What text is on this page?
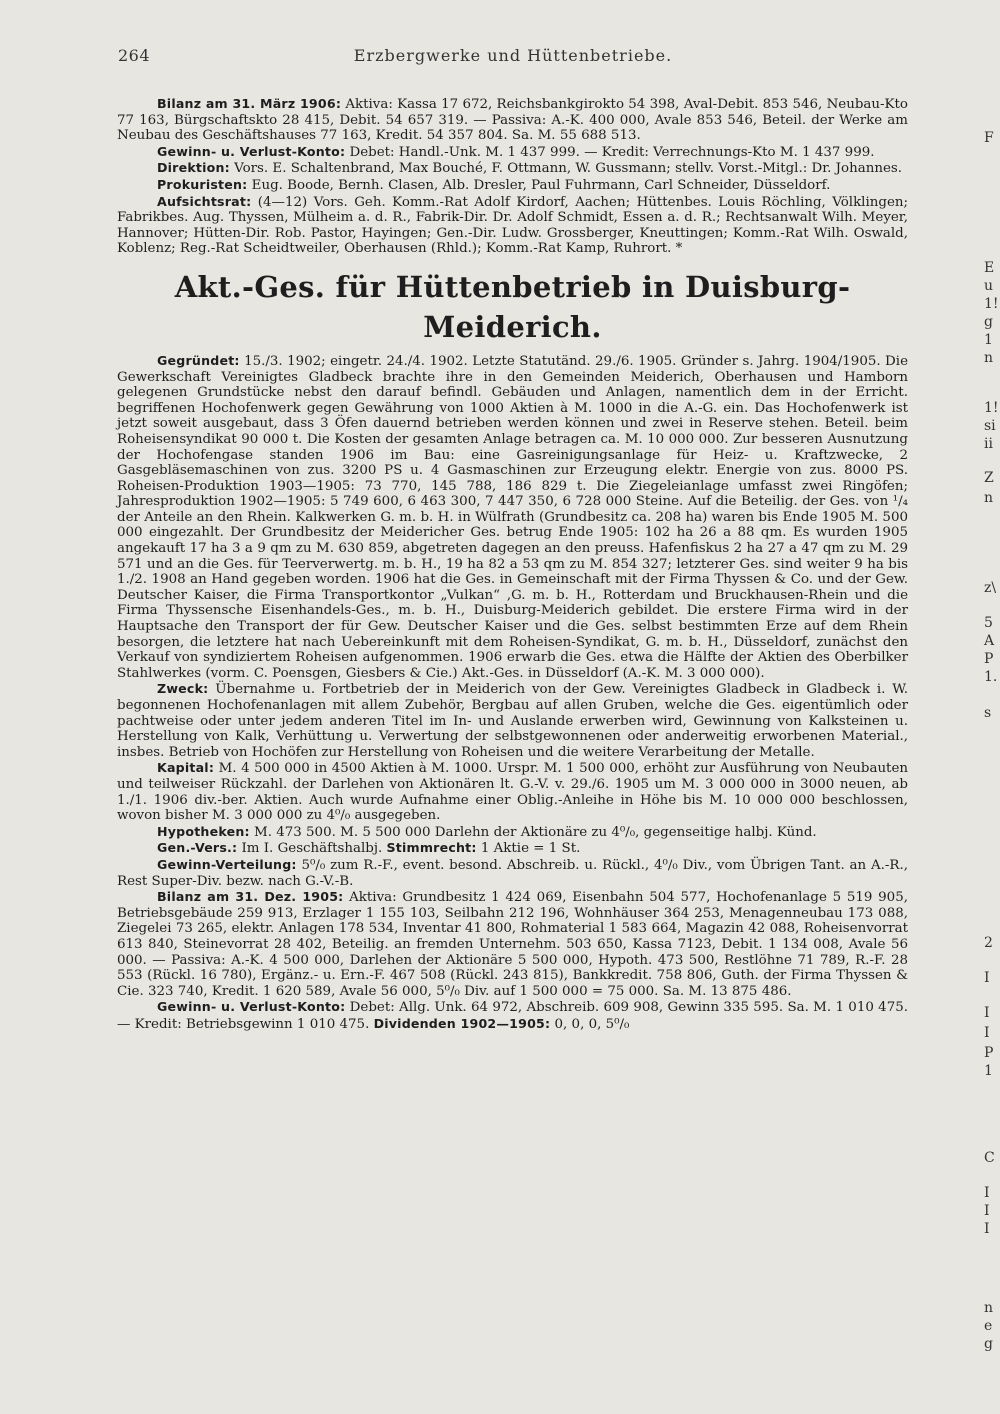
264	Erzbergwerke und Hüttenbetriebe.

Bilanz am 31. März 1906: Aktiva: Kassa 17 672, Reichsbankgirokto 54 398, Aval-Debit. 853 546, Neubau-Kto 77 163, Bürgschaftskto 28 415, Debit. 54 657 319. — Passiva: A.-K. 400 000, Avale 853 546, Beteil. der Werke am Neubau des Geschäftshauses 77 163, Kredit. 54 357 804. Sa. M. 55 688 513.

Gewinn- u. Verlust-Konto: Debet: Handl.-Unk. M. 1 437 999. — Kredit: Verrechnungs-Kto M. 1 437 999.

Direktion: Vors. E. Schaltenbrand, Max Bouché, F. Ottmann, W. Gussmann; stellv. Vorst.-Mitgl.: Dr. Johannes.

Prokuristen: Eug. Boode, Bernh. Clasen, Alb. Dresler, Paul Fuhrmann, Carl Schneider, Düsseldorf.

Aufsichtsrat: (4—12) Vors. Geh. Komm.-Rat Adolf Kirdorf, Aachen; Hüttenbes. Louis Röchling, Völklingen; Fabrikbes. Aug. Thyssen, Mülheim a. d. R., Fabrik-Dir. Dr. Adolf Schmidt, Essen a. d. R.; Rechtsanwalt Wilh. Meyer, Hannover; Hütten-Dir. Rob. Pastor, Hayingen; Gen.-Dir. Ludw. Grossberger, Kneuttingen; Komm.-Rat Wilh. Oswald, Koblenz; Reg.-Rat Scheidtweiler, Oberhausen (Rhld.); Komm.-Rat Kamp, Ruhrort. *

Akt.-Ges. für Hüttenbetrieb in Duisburg-Meiderich.

Gegründet: 15./3. 1902; eingetr. 24./4. 1902. Letzte Statutänd. 29./6. 1905. Gründer s. Jahrg. 1904/1905. Die Gewerkschaft Vereinigtes Gladbeck brachte ihre in den Gemeinden Meiderich, Oberhausen und Hamborn gelegenen Grundstücke nebst den darauf befindl. Gebäuden und Anlagen, namentlich dem in der Erricht. begriffenen Hochofenwerk gegen Gewährung von 1000 Aktien à M. 1000 in die A.-G. ein. Das Hochofenwerk ist jetzt soweit ausgebaut, dass 3 Öfen dauernd betrieben werden können und zwei in Reserve stehen. Beteil. beim Roheisensyndikat 90 000 t. Die Kosten der gesamten Anlage betragen ca. M. 10 000 000. Zur besseren Ausnutzung der Hochofengase standen 1906 im Bau: eine Gasreinigungsanlage für Heiz- u. Kraftzwecke, 2 Gasgebläsemaschinen von zus. 3200 PS u. 4 Gasmaschinen zur Erzeugung elektr. Energie von zus. 8000 PS. Roheisen-Produktion 1903—1905: 73 770, 145 788, 186 829 t. Die Ziegeleianlage umfasst zwei Ringöfen; Jahresproduktion 1902—1905: 5 749 600, 6 463 300, 7 447 350, 6 728 000 Steine. Auf die Beteilig. der Ges. von ¹/₄ der Anteile an den Rhein. Kalkwerken G. m. b. H. in Wülfrath (Grundbesitz ca. 208 ha) waren bis Ende 1905 M. 500 000 eingezahlt. Der Grundbesitz der Meidericher Ges. betrug Ende 1905: 102 ha 26 a 88 qm. Es wurden 1905 angekauft 17 ha 3 a 9 qm zu M. 630 859, abgetreten dagegen an den preuss. Hafenfiskus 2 ha 27 a 47 qm zu M. 29 571 und an die Ges. für Teerverwertg. m. b. H., 19 ha 82 a 53 qm zu M. 854 327; letzterer Ges. sind weiter 9 ha bis 1./2. 1908 an Hand gegeben worden. 1906 hat die Ges. in Gemeinschaft mit der Firma Thyssen & Co. und der Gew. Deutscher Kaiser, die Firma Transportkontor „Vulkan“ ,G. m. b. H., Rotterdam und Bruckhausen-Rhein und die Firma Thyssensche Eisenhandels-Ges., m. b. H., Duisburg-Meiderich gebildet. Die erstere Firma wird in der Hauptsache den Transport der für Gew. Deutscher Kaiser und die Ges. selbst bestimmten Erze auf dem Rhein besorgen, die letztere hat nach Uebereinkunft mit dem Roheisen-Syndikat, G. m. b. H., Düsseldorf, zunächst den Verkauf von syndiziertem Roheisen aufgenommen. 1906 erwarb die Ges. etwa die Hälfte der Aktien des Oberbilker Stahlwerkes (vorm. C. Poensgen, Giesbers & Cie.) Akt.-Ges. in Düsseldorf (A.-K. M. 3 000 000).

Zweck: Übernahme u. Fortbetrieb der in Meiderich von der Gew. Vereinigtes Gladbeck in Gladbeck i. W. begonnenen Hochofenanlagen mit allem Zubehör, Bergbau auf allen Gruben, welche die Ges. eigentümlich oder pachtweise oder unter jedem anderen Titel im In- und Auslande erwerben wird, Gewinnung von Kalksteinen u. Herstellung von Kalk, Verhüttung u. Verwertung der selbstgewonnenen oder anderweitig erworbenen Material., insbes. Betrieb von Hochöfen zur Herstellung von Roheisen und die weitere Verarbeitung der Metalle.

Kapital: M. 4 500 000 in 4500 Aktien à M. 1000. Urspr. M. 1 500 000, erhöht zur Ausführung von Neubauten und teilweiser Rückzahl. der Darlehen von Aktionären lt. G.-V. v. 29./6. 1905 um M. 3 000 000 in 3000 neuen, ab 1./1. 1906 div.-ber. Aktien. Auch wurde Aufnahme einer Oblig.-Anleihe in Höhe bis M. 10 000 000 beschlossen, wovon bisher M. 3 000 000 zu 4⁰/₀ ausgegeben.

Hypotheken: M. 473 500. M. 5 500 000 Darlehn der Aktionäre zu 4⁰/₀, gegenseitige halbj. Künd.

Gen.-Vers.: Im I. Geschäftshalbj. Stimmrecht: 1 Aktie = 1 St.

Gewinn-Verteilung: 5⁰/₀ zum R.-F., event. besond. Abschreib. u. Rückl., 4⁰/₀ Div., vom Übrigen Tant. an A.-R., Rest Super-Div. bezw. nach G.-V.-B.

Bilanz am 31. Dez. 1905: Aktiva: Grundbesitz 1 424 069, Eisenbahn 504 577, Hochofenanlage 5 519 905, Betriebsgebäude 259 913, Erzlager 1 155 103, Seilbahn 212 196, Wohnhäuser 364 253, Menagenneubau 173 088, Ziegelei 73 265, elektr. Anlagen 178 534, Inventar 41 800, Rohmaterial 1 583 664, Magazin 42 088, Roheisenvorrat 613 840, Steinevorrat 28 402, Beteilig. an fremden Unternehm. 503 650, Kassa 7123, Debit. 1 134 008, Avale 56 000. — Passiva: A.-K. 4 500 000, Darlehen der Aktionäre 5 500 000, Hypoth. 473 500, Restlöhne 71 789, R.-F. 28 553 (Rückl. 16 780), Ergänz.- u. Ern.-F. 467 508 (Rückl. 243 815), Bankkredit. 758 806, Guth. der Firma Thyssen & Cie. 323 740, Kredit. 1 620 589, Avale 56 000, 5⁰/₀ Div. auf 1 500 000 = 75 000. Sa. M. 13 875 486.

Gewinn- u. Verlust-Konto: Debet: Allg. Unk. 64 972, Abschreib. 609 908, Gewinn 335 595. Sa. M. 1 010 475. — Kredit: Betriebsgewinn 1 010 475. Dividenden 1902—1905: 0, 0, 0, 5⁰/₀

F
E
u
1!
g
1
n
1!
si
ii
Z
n
z\
5
A
P
1.
s
2
I
I
I
P
1
C
I
I
I
n
e
g
